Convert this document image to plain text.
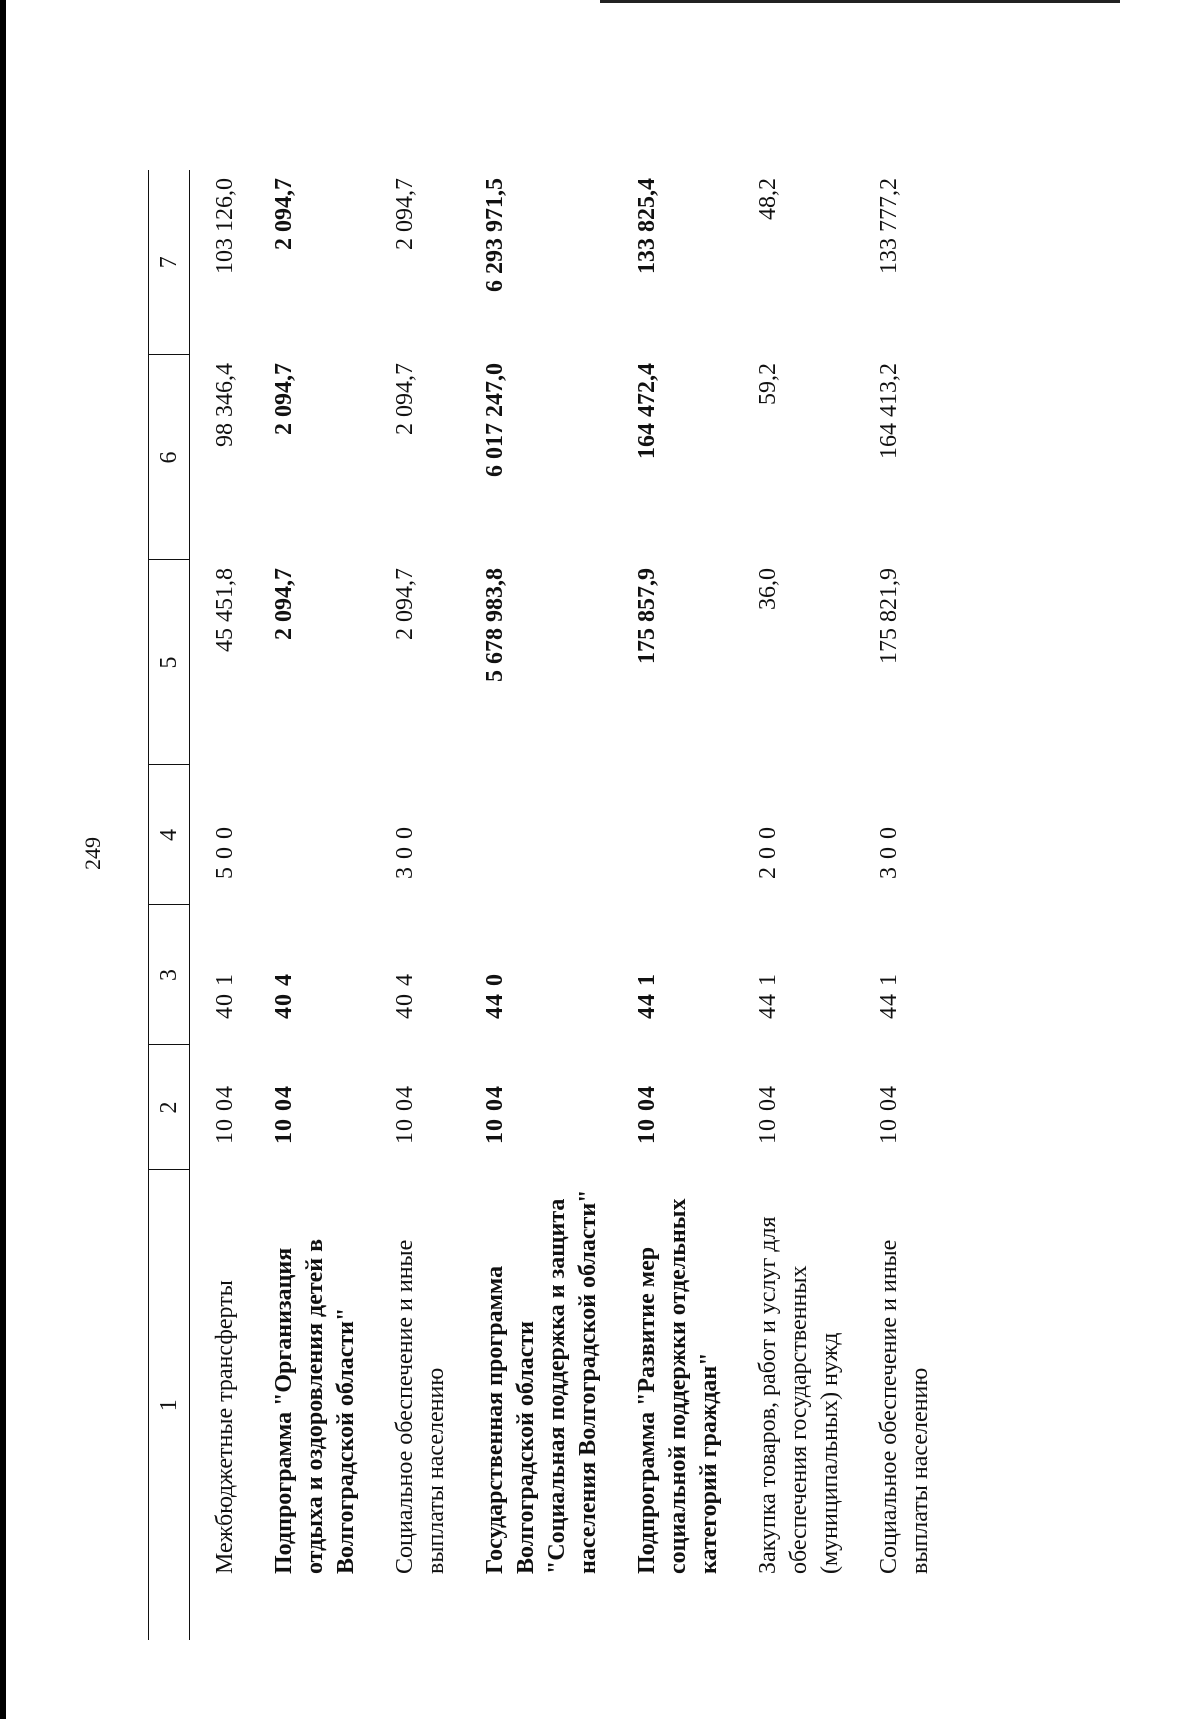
249
1	2	3	4	5	6	7
Межбюджетные трансферты	10 04	40 1	5 0 0	45 451,8	98 346,4	103 126,0
Подпрограмма "Организация отдыха и оздоровления детей в Волгоградской области"	10 04	40 4		2 094,7	2 094,7	2 094,7
Социальное обеспечение и иные выплаты населению	10 04	40 4	3 0 0	2 094,7	2 094,7	2 094,7
Государственная программа Волгоградской области "Социальная поддержка и защита населения Волгоградской области"	10 04	44 0		5 678 983,8	6 017 247,0	6 293 971,5
Подпрограмма "Развитие мер социальной поддержки отдельных категорий граждан"	10 04	44 1		175 857,9	164 472,4	133 825,4
Закупка товаров, работ и услуг для обеспечения государственных (муниципальных) нужд	10 04	44 1	2 0 0	36,0	59,2	48,2
Социальное обеспечение и иные выплаты населению	10 04	44 1	3 0 0	175 821,9	164 413,2	133 777,2
